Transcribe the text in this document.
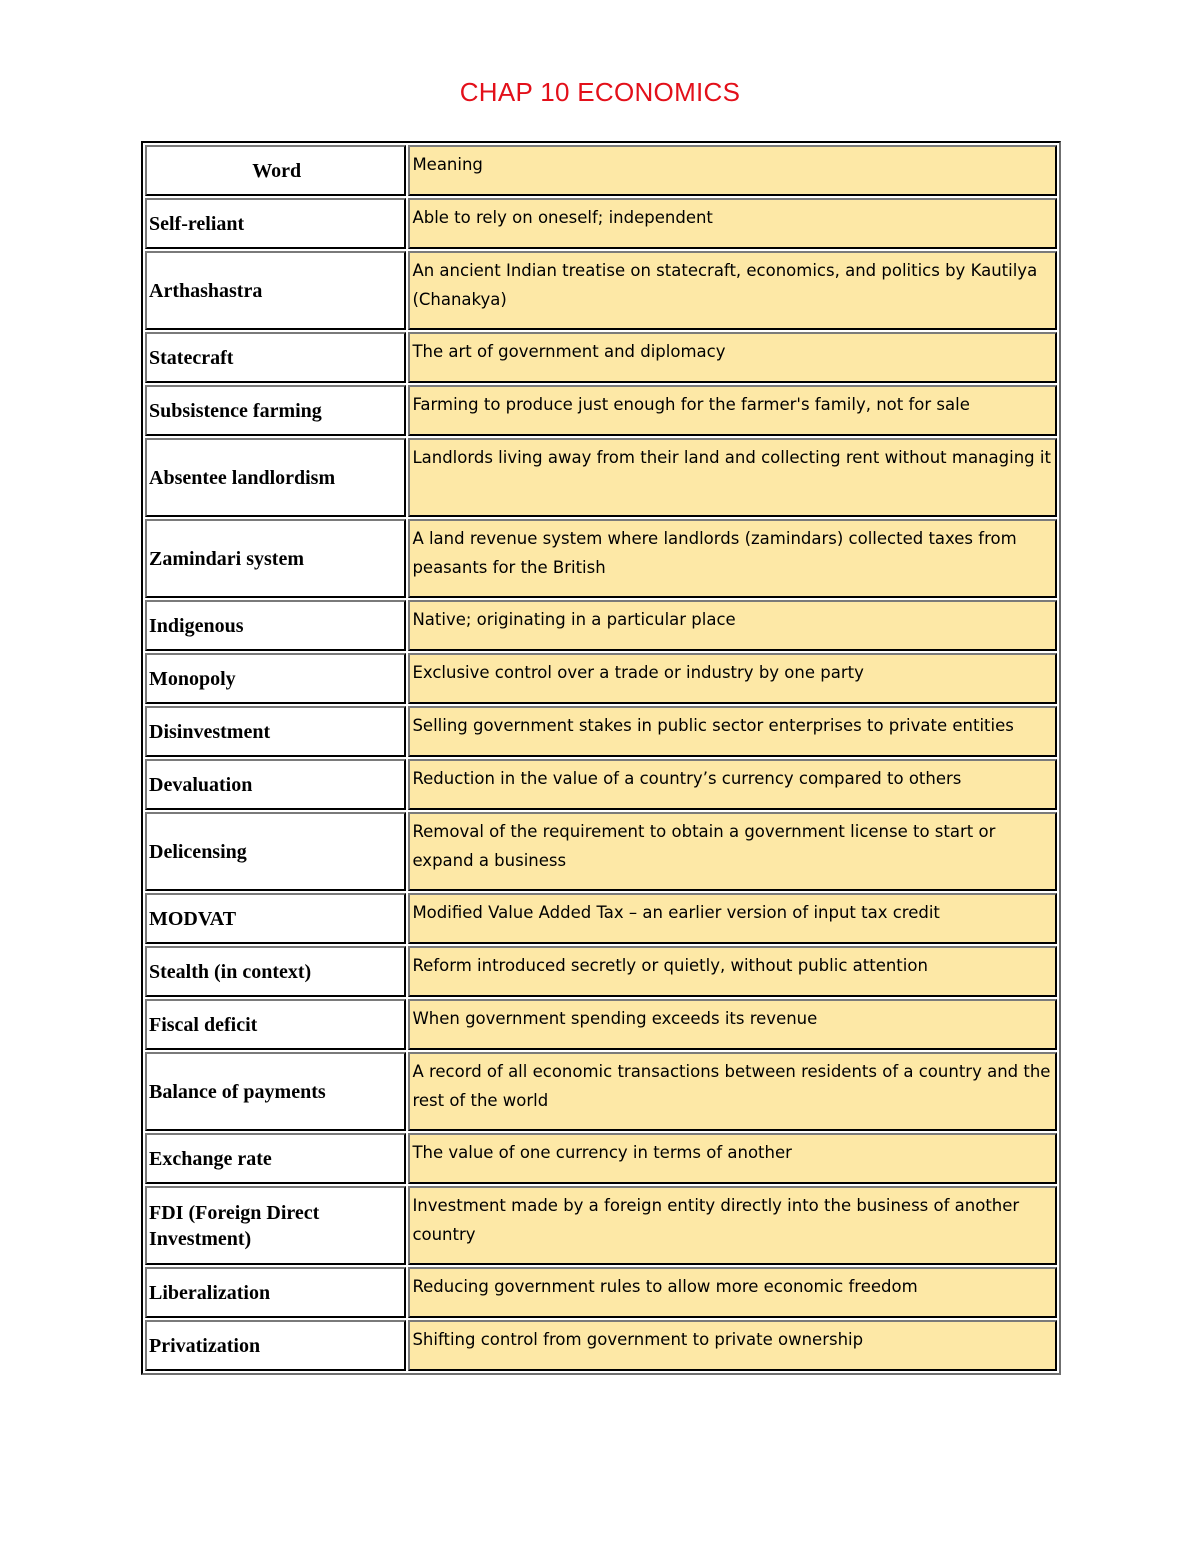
CHAP 10 ECONOMICS
Word	Meaning
Self-reliant	Able to rely on oneself; independent
Arthashastra	An ancient Indian treatise on statecraft, economics, and politics by Kautilya (Chanakya)
Statecraft	The art of government and diplomacy
Subsistence farming	Farming to produce just enough for the farmer's family, not for sale
Absentee landlordism	Landlords living away from their land and collecting rent without managing it
Zamindari system	A land revenue system where landlords (zamindars) collected taxes from peasants for the British
Indigenous	Native; originating in a particular place
Monopoly	Exclusive control over a trade or industry by one party
Disinvestment	Selling government stakes in public sector enterprises to private entities
Devaluation	Reduction in the value of a country’s currency compared to others
Delicensing	Removal of the requirement to obtain a government license to start or expand a business
MODVAT	Modified Value Added Tax – an earlier version of input tax credit
Stealth (in context)	Reform introduced secretly or quietly, without public attention
Fiscal deficit	When government spending exceeds its revenue
Balance of payments	A record of all economic transactions between residents of a country and the rest of the world
Exchange rate	The value of one currency in terms of another
FDI (Foreign Direct Investment)	Investment made by a foreign entity directly into the business of another country
Liberalization	Reducing government rules to allow more economic freedom
Privatization	Shifting control from government to private ownership
